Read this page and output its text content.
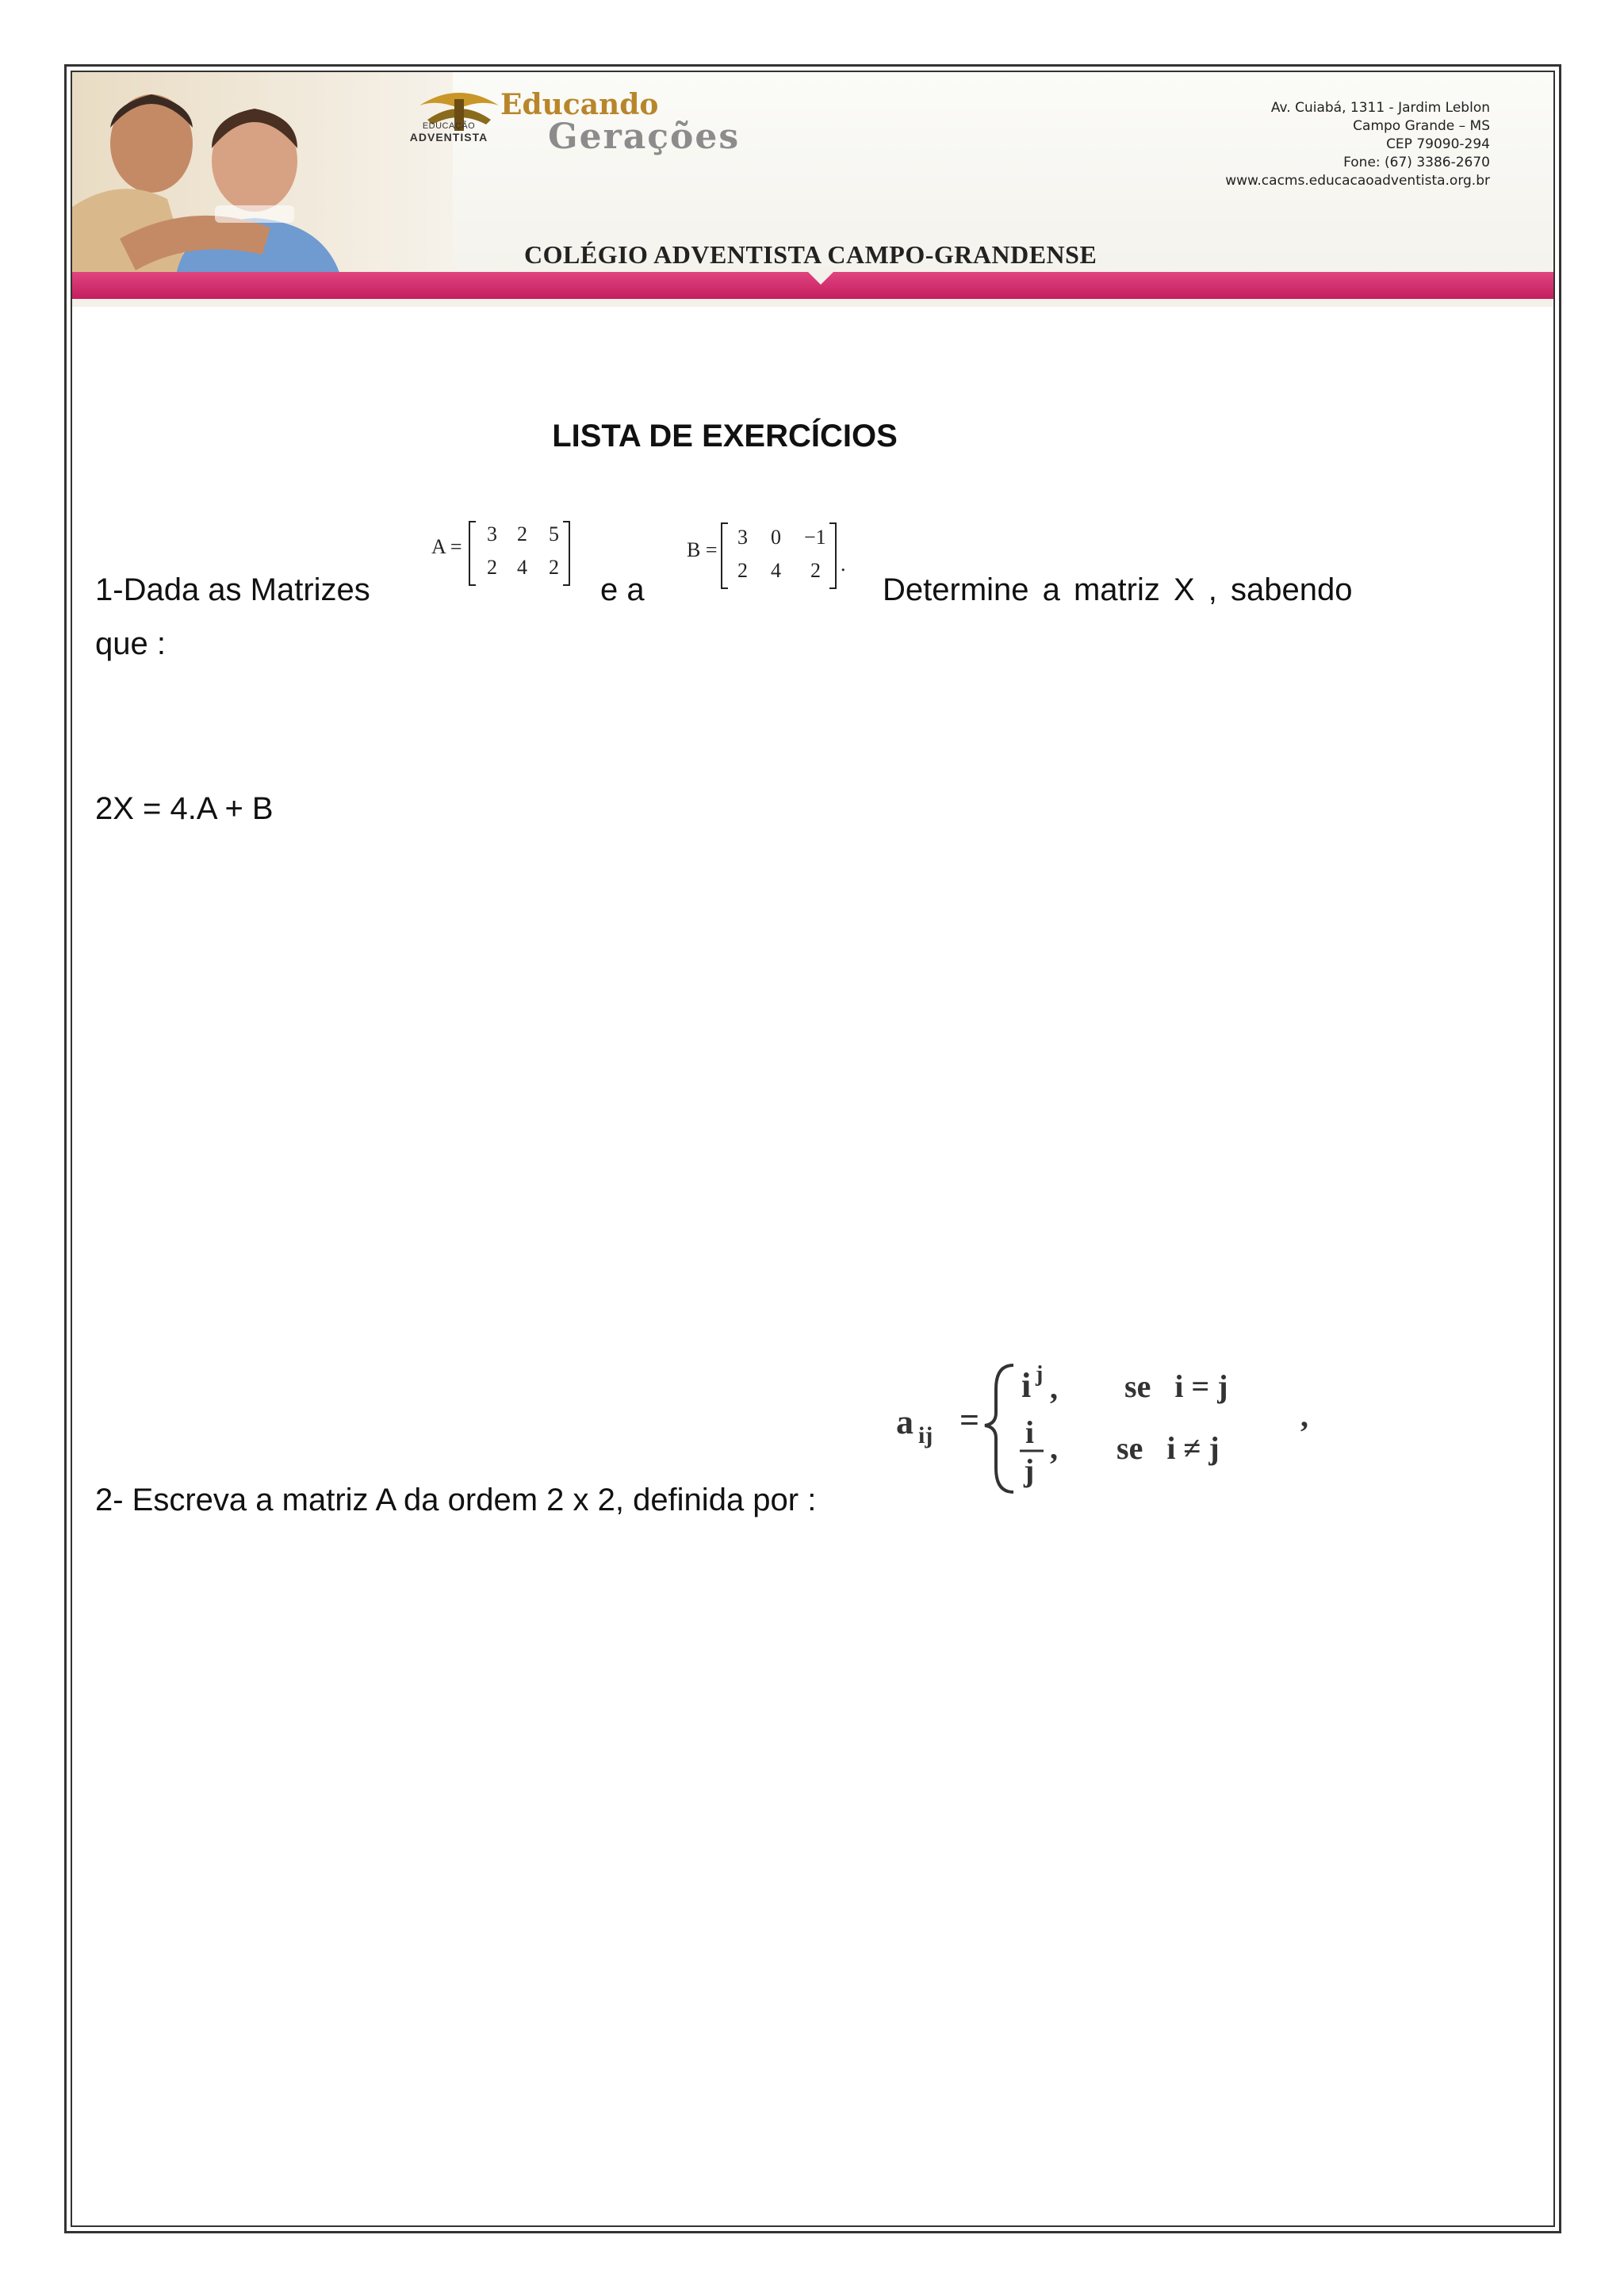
EDUCAÇÃO
ADVENTISTA
Educando
Gerações
Av. Cuiabá, 1311 - Jardim Leblon
Campo Grande – MS
CEP 79090-294
Fone: (67) 3386-2670
www.cacms.educacaoadventista.org.br
COLÉGIO ADVENTISTA CAMPO-GRANDENSE
LISTA DE EXERCÍCIOS
1-Dada as Matrizes
A =
3 2 5
2 4 2
e a
B =
3 0 −1
2 4 2 .
Determine a matriz X , sabendo
que :
2X = 4.A + B
2- Escreva a matriz A da ordem 2 x 2, definida por :
a ij =
i j , se   i = j
i
j
, se   i ≠ j	’
